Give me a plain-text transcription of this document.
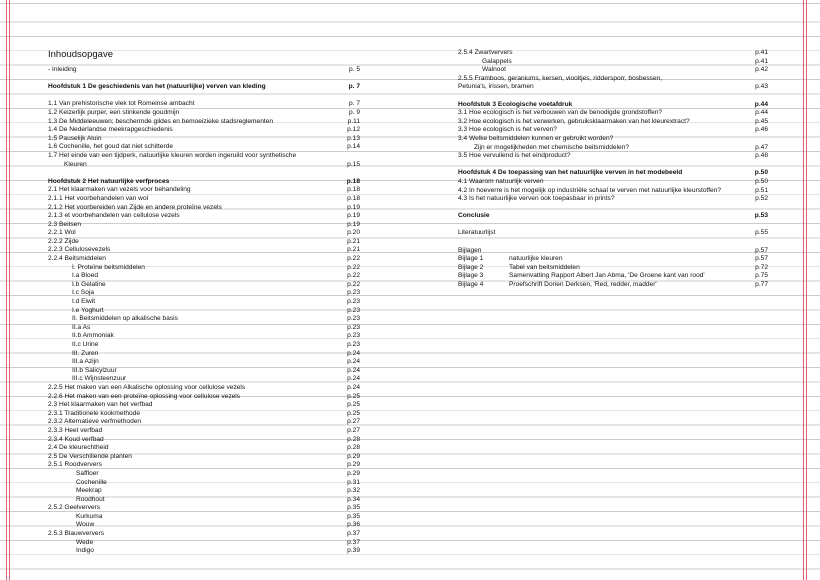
Inhoudsopgave
- Inleiding	p. 5
Hoofdstuk 1 De geschiedenis van het (natuurlijke) verven van kleding	p. 7
1.1 Van prehistorische vlek tot Romeinse ambacht	p. 7
1.2 Keizerlijk purper, een stinkende goudmijn	p. 9
1.3 De Middeleeuwen; beschermde gildes en bemoeizieke stadsreglementen	p.11
1.4 De Nederlandse meekrapgeschiedenis	p.12
1.5 Pauselijk Aluin	p.13
1.6 Cochenille, het goud dat niet schitterde	p.14
1.7 Het einde van een tijdperk, natuurlijke kleuren worden ingeruild voor synthetische
Kleuren	p.15
Hoofdstuk 2 Het natuurlijke verfproces	p.18
2.1 Het klaarmaken van vezels voor behandeling	p.18
2.1.1 Het voorbehandelen van wol	p.18
2.1.2 Het voorbereiden van Zijde en andere proteïne vezels	p.19
2.1.3 et voorbehandelen van cellulose vezels	p.19
2.3 Beitsen	p.19
2.2.1 Wol	p.20
2.2.2 Zijde	p.21
2.2.3 Cellulosevezels	p.21
2.2.4 Beitsmiddelen	p.22
I. Proteïne beitsmiddelen	p.22
I.a Bloed	p.22
I.b Gelatine	p.22
I.c Soja	p.23
I.d Eiwit	p.23
I.e Yoghurt	p.23
II. Beitsmiddelen op alkalische basis	p.23
II.a As	p.23
II.b Ammoniak	p.23
II.c Urine	p.23
III. Zuren	p.24
III.a Azijn	p.24
III.b Salicylzuur	p.24
III.c Wijnsteenzuur	p.24
2.2.5 Het maken van een Alkalische oplossing voor cellulose vezels	p.24
2.2.6 Het maken van een proteïne oplossing voor cellulose vezels	p.25
2.3 Het klaarmaken van het verfbad	p.25
2.3.1 Traditionele kookmethode	p.25
2.3.2 Alternatieve verfmethoden	p.27
2.3.3 Heet verfbad	p.27
2.3.4 Koud verfbad	p.28
2.4 De kleurechtheid	p.28
2.5 De Verschillende planten	p.29
2.5.1 Roodververs	p.29
Saffloer	p.29
Cochenille	p.31
Meekrap	p.32
Roodhout	p.34
2.5.2 Geelververs	p.35
Kurkuma	p.35
Wouw	p.36
2.5.3 Blauwververs	p.37
Wede	p.37
Indigo	p.39
2.5.4 Zwartververs	p.41
Galappels	p.41
Walnoot	p.42
2.5.5 Framboos, geraniums, kersen, viooltjes, riddersporr, bosbessen,
Petunia's, irissen, bramen	p.43
Hoofdstuk 3 Ecologische voetafdruk	p.44
3.1 Hoe ecologisch is het verbouwen van de benodigde grondstoffen?	p.44
3.2 Hoe ecologisch is het verwerken, gebruiksklaarmaken van het kleurextract?	p.45
3.3 Hoe ecologisch is het verven?	p.46
3.4 Welke beitsmiddelen kunnen er gebruikt worden?
Zijn er mogelijkheden met chemische beitsmiddelen?	p.47
3.5 Hoe vervuilend is het eindproduct?	p.48
Hoofdstuk 4 De toepassing van het natuurlijke verven in het modebeeld	p.50
4.1 Waarom natuurlijk verven	p.50
4.2 In hoeverre is het mogelijk op industriële schaal te verven met natuurlijke kleurstoffen?	p.51
4.3 Is het natuurlijke verven ook toepasbaar in prints?	p.52
Conclusie	p.53
Literatuurlijst	p.55
Bijlagen	p.57
Bijlage 1	natuurlijke kleuren	p.57
Bijlage 2	Tabel van beitsmiddelen	p.72
Bijlage 3	Samenvatting Rapport Albert Jan Abma, 'De Groene kant van rood'	p.75
Bijlage 4	Proefschrift Dorien Derksen, 'Red, redder, madder'	p.77
